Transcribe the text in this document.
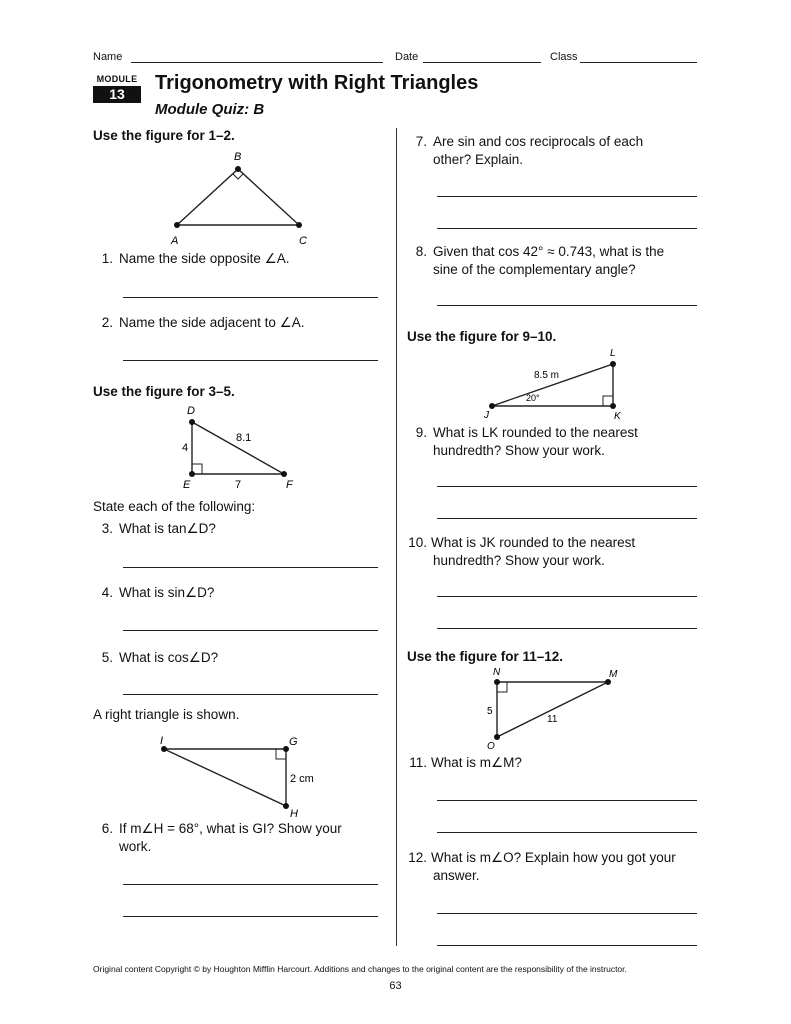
Name	Date	Class
MODULE
13	Trigonometry with Right Triangles
Module Quiz: B
Use the figure for 1–2.
B
A	C
1. Name the side opposite ∠A.
2. Name the side adjacent to ∠A.
Use the figure for 3–5.
D
E	F
4
8.1
7
State each of the following:
3. What is tan∠D?
4. What is sin∠D?
5. What is cos∠D?
A right triangle is shown.
I	G
H
2 cm
6. If m∠H = 68°, what is GI? Show your
work.
7. Are sin and cos reciprocals of each
other? Explain.
8. Given that cos 42° ≈ 0.743, what is the
sine of the complementary angle?
Use the figure for 9–10.
L
J	K
8.5 m
20°
9. What is LK rounded to the nearest
hundredth? Show your work.
10. What is JK rounded to the nearest
hundredth? Show your work.
Use the figure for 11–12.
N	M
O
5
11
11. What is m∠M?
12. What is m∠O? Explain how you got your
answer.
Original content Copyright © by Houghton Mifflin Harcourt. Additions and changes to the original content are the responsibility of the instructor.
63
